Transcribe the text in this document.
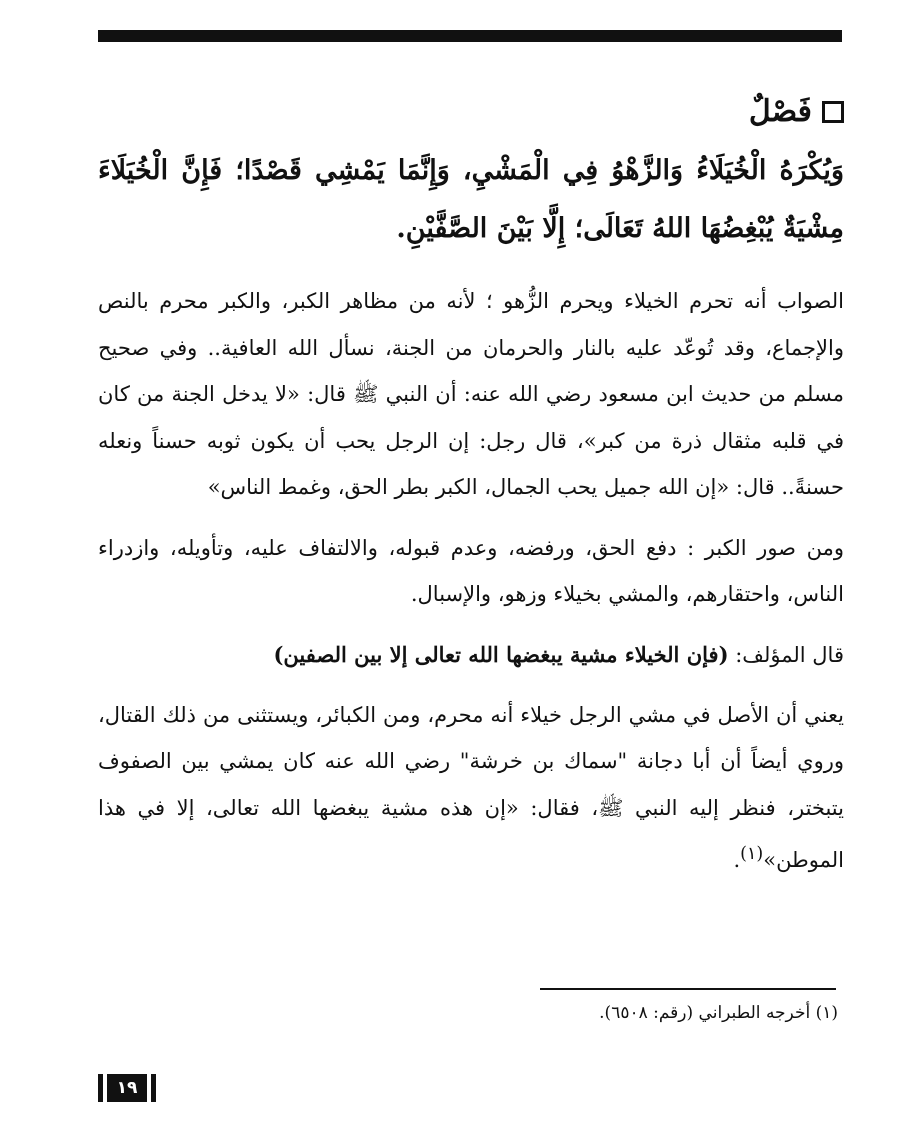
فَصْلٌ

وَيُكْرَهُ الْخُيَلَاءُ وَالزَّهْوُ فِي الْمَشْيِ، وَإِنَّمَا يَمْشِي قَصْدًا؛ فَإِنَّ الْخُيَلَاءَ مِشْيَةٌ يُبْغِضُهَا اللهُ تَعَالَى؛ إِلَّا بَيْنَ الصَّفَّيْنِ.

الصواب أنه تحرم الخيلاء ويحرم الزُّهو ؛ لأنه من مظاهر الكبر، والكبر محرم بالنص والإجماع، وقد تُوعّد عليه بالنار والحرمان من الجنة، نسأل الله العافية.. وفي صحيح مسلم من حديث ابن مسعود رضي الله عنه: أن النبي ﷺ قال: «لا يدخل الجنة من كان في قلبه مثقال ذرة من كبر»، قال رجل: إن الرجل يحب أن يكون ثوبه حسناً ونعله حسنةً.. قال: «إن الله جميل يحب الجمال، الكبر بطر الحق، وغمط الناس»

ومن صور الكبر : دفع الحق، ورفضه، وعدم قبوله، والالتفاف عليه، وتأويله، وازدراء الناس، واحتقارهم، والمشي بخيلاء وزهو، والإسبال.

قال المؤلف: (فإن الخيلاء مشية يبغضها الله تعالى إلا بين الصفين)

يعني أن الأصل في مشي الرجل خيلاء أنه محرم، ومن الكبائر، ويستثنى من ذلك القتال، وروي أيضاً أن أبا دجانة "سماك بن خرشة" رضي الله عنه كان يمشي بين الصفوف يتبختر، فنظر إليه النبي ﷺ، فقال: «إن هذه مشية يبغضها الله تعالى، إلا في هذا الموطن»$^{(١)}$.

(١) أخرجه الطبراني (رقم: ٦٥٠٨).
١٩
